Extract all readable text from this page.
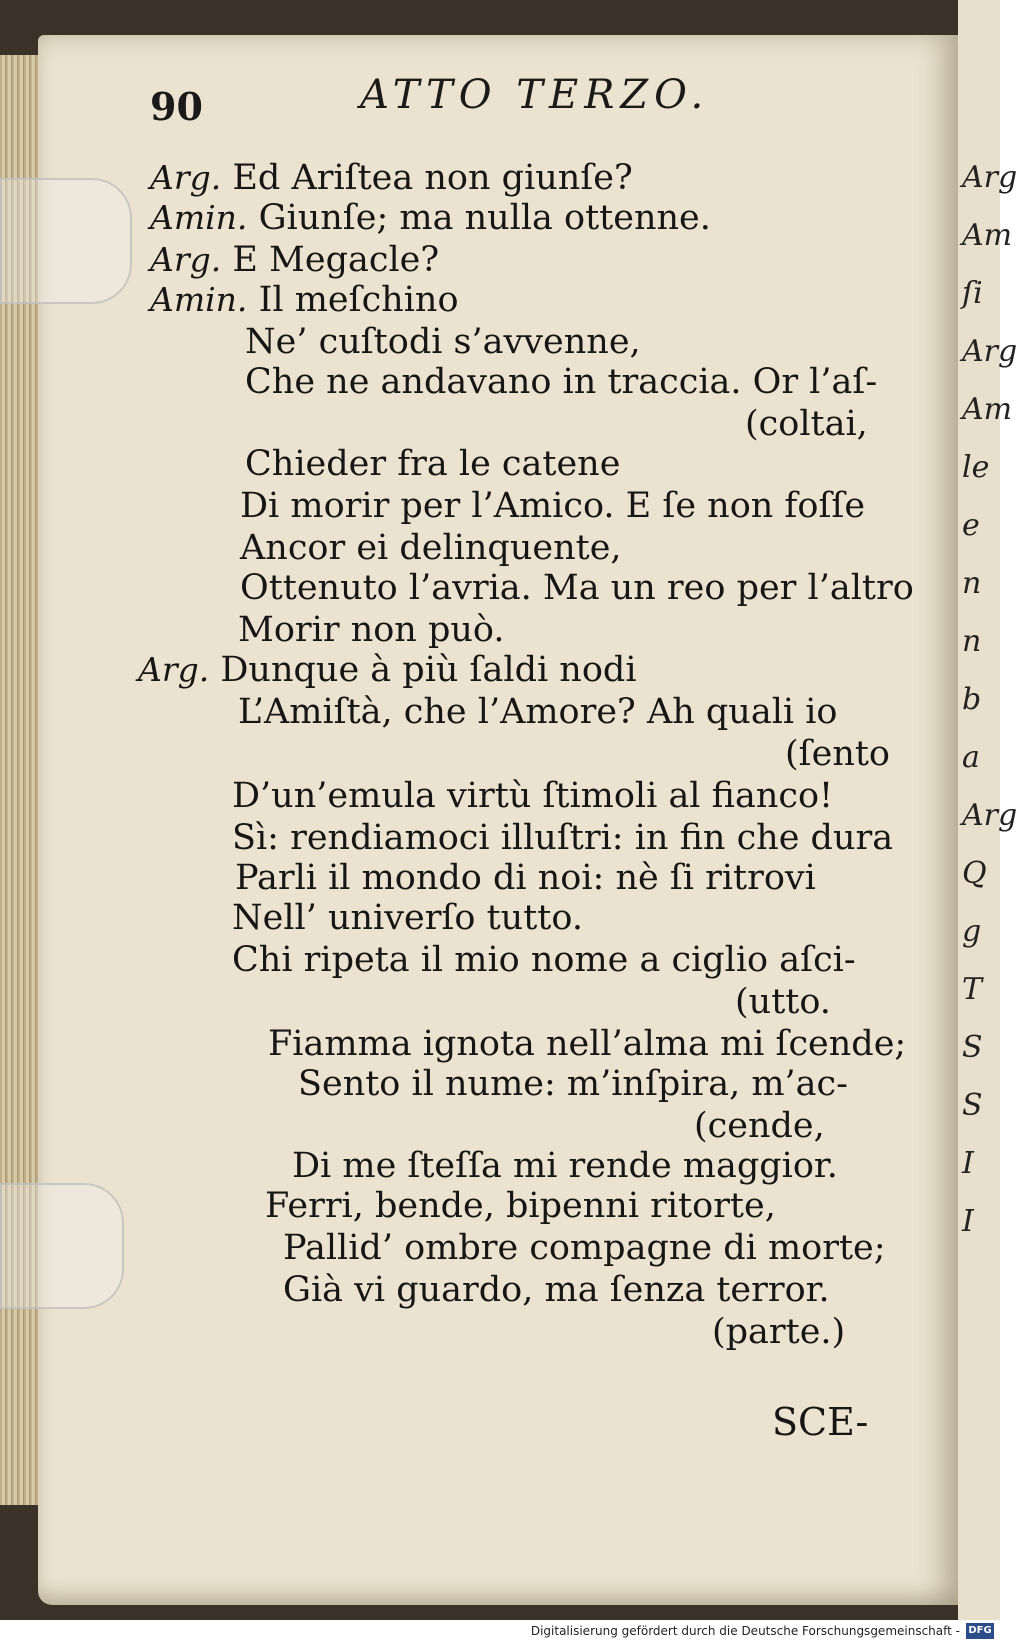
90	ATTO TERZO.
Arg. Ed Ariſtea non giunſe?
Amin. Giunſe; ma nulla ottenne.
Arg. E Megacle?
Amin. Il meſchino
Ne’ cuſtodi s’avvenne,
Che ne andavano in traccia. Or l’aſ-
(coltai,
Chieder fra le catene
Di morir per l’Amico. E ſe non foſſe
Ancor ei delinquente,
Ottenuto l’avria. Ma un reo per l’altro
Morir non può.
Arg. Dunque à più ſaldi nodi
L’Amiſtà, che l’Amore? Ah quali io
(ſento
D’un’emula virtù ſtimoli al fianco!
Sì: rendiamoci illuſtri: in fin che dura
Parli il mondo di noi: nè ſi ritrovi
Nell’ univerſo tutto.
Chi ripeta il mio nome a ciglio aſci-
(utto.
Fiamma ignota nell’alma mi ſcende;
Sento il nume: m’inſpira, m’ac-
(cende,
Di me ſteſſa mi rende maggior.
Ferri, bende, bipenni ritorte,
Pallid’ ombre compagne di morte;
Già vi guardo, ma ſenza terror.
(parte.)
SCE-
Arg
Am
ſi
Arg
Am
le
e
n
n
b
a
Arg
Q
g
T
S
S
I
I
Digitalisierung gefördert durch die Deutsche Forschungsgemeinschaft - DFG
